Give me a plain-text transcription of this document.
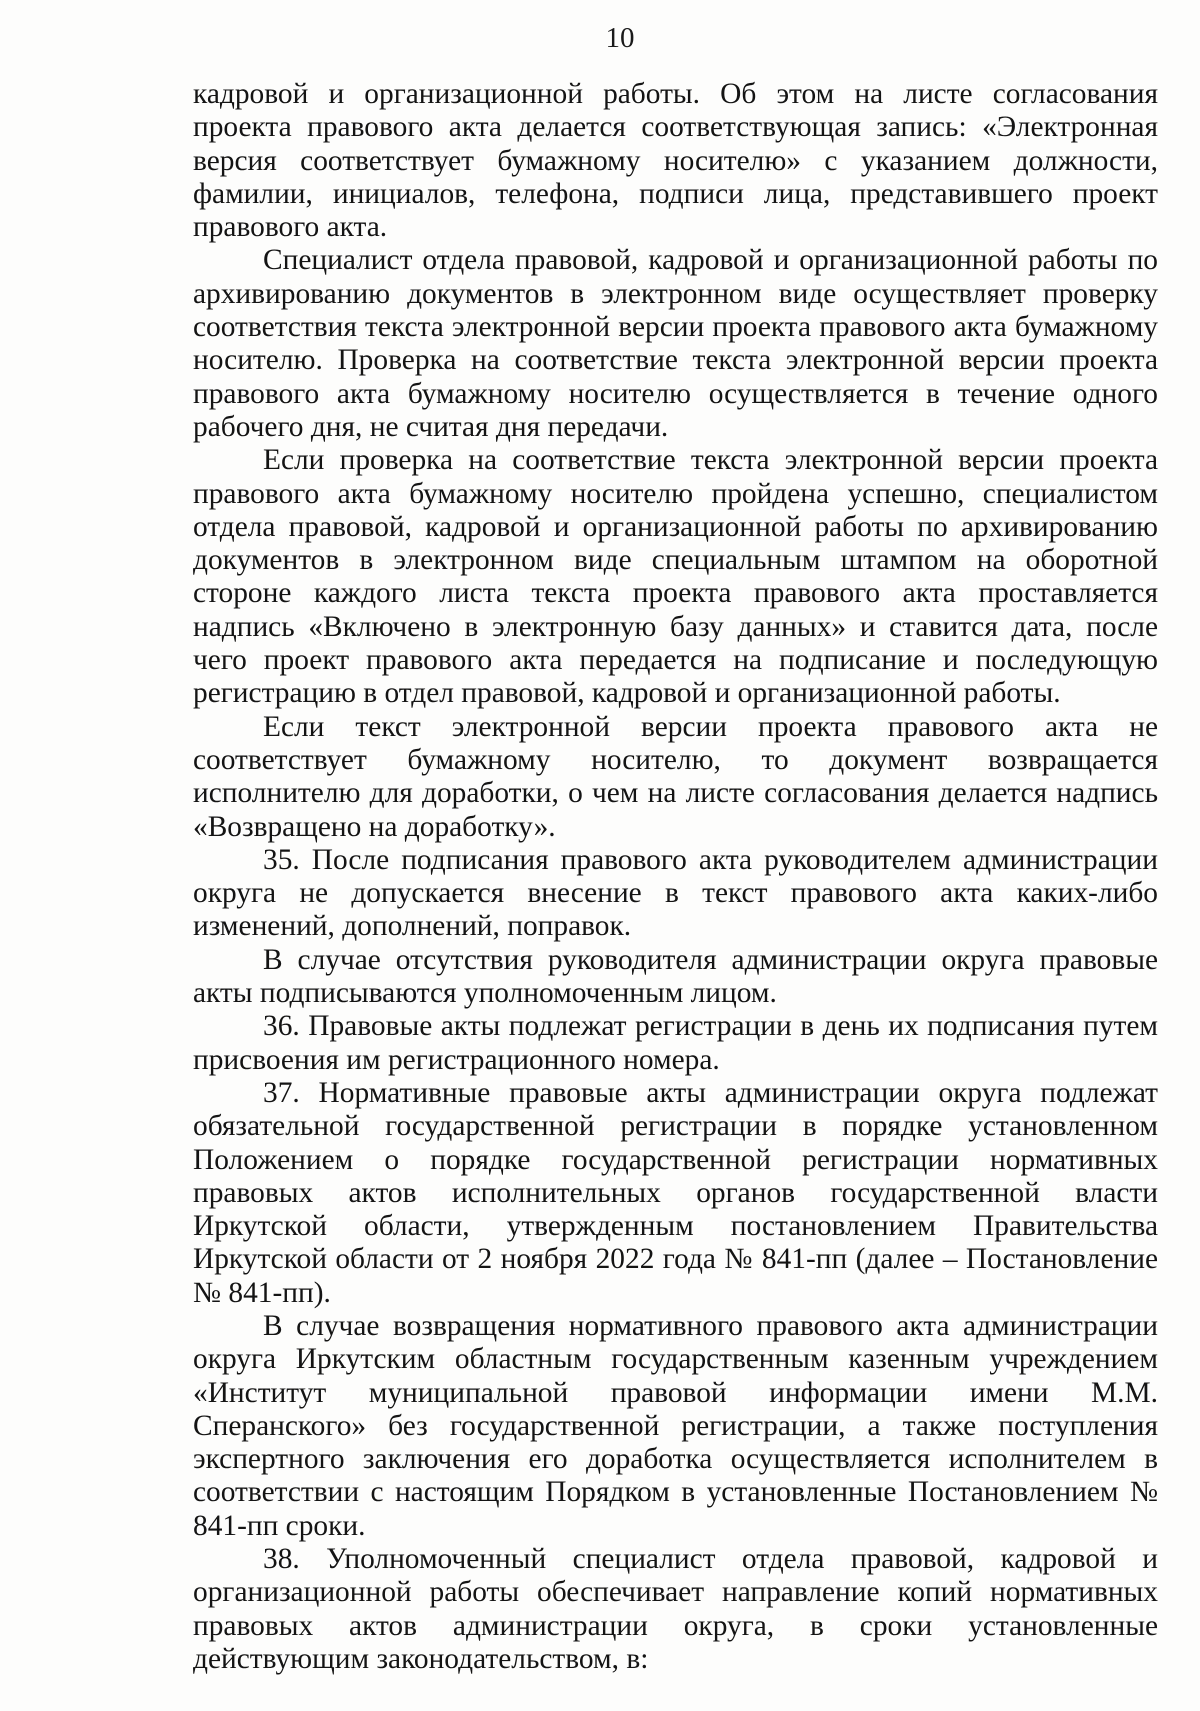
10

кадровой и организационной работы. Об этом на листе согласования проекта правового акта делается соответствующая запись: «Электронная версия соответствует бумажному носителю» с указанием должности, фамилии, инициалов, телефона, подписи лица, представившего проект правового акта.

Специалист отдела правовой, кадровой и организационной работы по архивированию документов в электронном виде осуществляет проверку соответствия текста электронной версии проекта правового акта бумажному носителю. Проверка на соответствие текста электронной версии проекта правового акта бумажному носителю осуществляется в течение одного рабочего дня, не считая дня передачи.

Если проверка на соответствие текста электронной версии проекта правового акта бумажному носителю пройдена успешно, специалистом отдела правовой, кадровой и организационной работы по архивированию документов в электронном виде специальным штампом на оборотной стороне каждого листа текста проекта правового акта проставляется надпись «Включено в электронную базу данных» и ставится дата, после чего проект правового акта передается на подписание и последующую регистрацию в отдел правовой, кадровой и организационной работы.

Если текст электронной версии проекта правового акта не соответствует бумажному носителю, то документ возвращается исполнителю для доработки, о чем на листе согласования делается надпись «Возвращено на доработку».

35. После подписания правового акта руководителем администрации округа не допускается внесение в текст правового акта каких-либо изменений, дополнений, поправок.

В случае отсутствия руководителя администрации округа правовые акты подписываются уполномоченным лицом.

36. Правовые акты подлежат регистрации в день их подписания путем присвоения им регистрационного номера.

37. Нормативные правовые акты администрации округа подлежат обязательной государственной регистрации в порядке установленном Положением о порядке государственной регистрации нормативных правовых актов исполнительных органов государственной власти Иркутской области, утвержденным постановлением Правительства Иркутской области от 2 ноября 2022 года № 841-пп (далее – Постановление № 841-пп).

В случае возвращения нормативного правового акта администрации округа Иркутским областным государственным казенным учреждением «Институт муниципальной правовой информации имени М.М. Сперанского» без государственной регистрации, а также поступления экспертного заключения его доработка осуществляется исполнителем в соответствии с настоящим Порядком в установленные Постановлением № 841-пп сроки.

38. Уполномоченный специалист отдела правовой, кадровой и организационной работы обеспечивает направление копий нормативных правовых актов администрации округа, в сроки установленные действующим законодательством, в:
